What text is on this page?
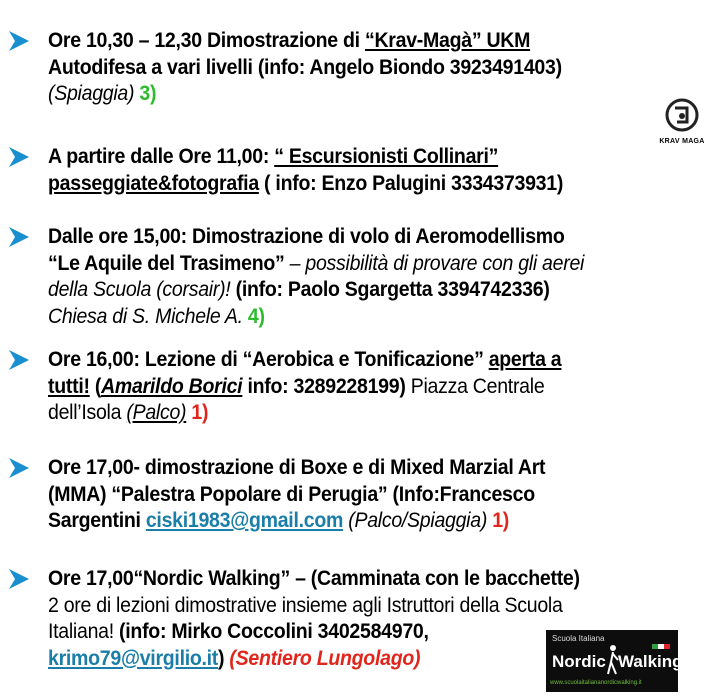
Ore 10,30 – 12,30 Dimostrazione di “Krav-Magà” UKM
Autodifesa a vari livelli (info: Angelo Biondo 3923491403)
(Spiaggia) 3)
KRAV MAGA
A partire dalle Ore 11,00: “ Escursionisti Collinari”
passeggiate&fotografia ( info: Enzo Palugini 3334373931)
Dalle ore 15,00: Dimostrazione di volo di Aeromodellismo
“Le Aquile del Trasimeno” – possibilità di provare con gli aerei
della Scuola (corsair)! (info: Paolo Sgargetta 3394742336)
Chiesa di S. Michele A. 4)
Ore 16,00: Lezione di “Aerobica e Tonificazione” aperta a
tutti! (Amarildo Borici info: 3289228199) Piazza Centrale
dell’Isola (Palco) 1)
Ore 17,00- dimostrazione di Boxe e di Mixed Marzial Art
(MMA) “Palestra Popolare di Perugia” (Info:Francesco
Sargentini ciski1983@gmail.com (Palco/Spiaggia) 1)
Ore 17,00“Nordic Walking” – (Camminata con le bacchette)
2 ore di lezioni dimostrative insieme agli Istruttori della Scuola
Italiana! (info: Mirko Coccolini 3402584970,
krimo79@virgilio.it) (Sentiero Lungolago)
Scuola Italiana
Nordic Walking
www.scuolaitaliananordicwalking.it
